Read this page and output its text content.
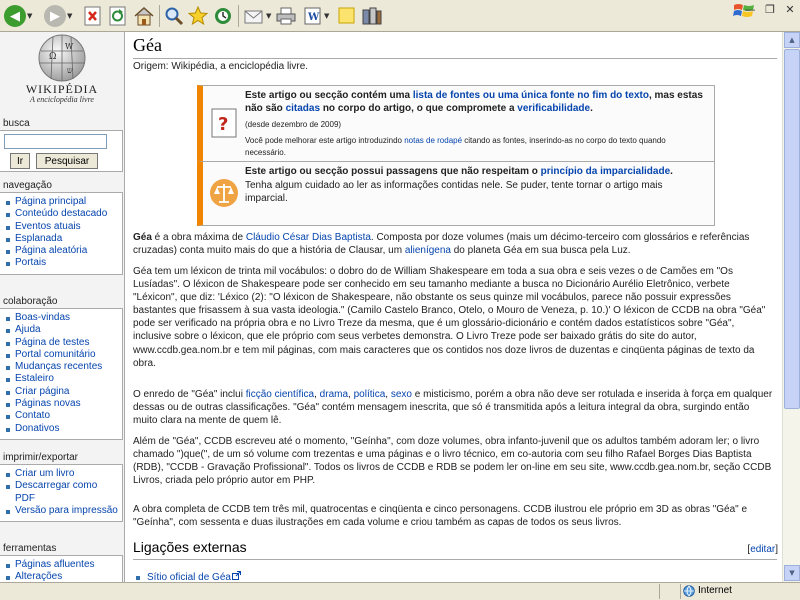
◀	▼	▶	▼	▼	W ▼
— ❐ ✕
Ω
W
ש
WIKIPÉDIA
A enciclopédia livre
busca
Ir	Pesquisar
navegação
Página principal
Conteúdo destacado
Eventos atuais
Esplanada
Página aleatória
Portais
colaboração
Boas-vindas
Ajuda
Página de testes
Portal comunitário
Mudanças recentes
Estaleiro
Criar página
Páginas novas
Contato
Donativos
imprimir/exportar
Criar um livro
Descarregar como PDF
Versão para impressão
ferramentas
Páginas afluentes
Alterações
Géa
Origem: Wikipédia, a enciclopédia livre.
?
Este artigo ou secção contém uma lista de fontes ou uma única fonte no fim do texto, mas estas não são citadas no corpo do artigo, o que compromete a verificabilidade.
(desde dezembro de 2009)
Você pode melhorar este artigo introduzindo notas de rodapé citando as fontes, inserindo-as no corpo do texto quando necessário.
Este artigo ou secção possui passagens que não respeitam o princípio da imparcialidade.
Tenha algum cuidado ao ler as informações contidas nele. Se puder, tente tornar o artigo mais imparcial.

Géa é a obra máxima de Cláudio César Dias Baptista. Composta por doze volumes (mais um décimo-terceiro com glossários e referências cruzadas) conta muito mais do que a história de Clausar, um alienígena do planeta Géa em sua busca pela Luz.

Géa tem um léxicon de trinta mil vocábulos: o dobro do de William Shakespeare em toda a sua obra e seis vezes o de Camões em "Os Lusíadas". O léxicon de Shakespeare pode ser conhecido em seu tamanho mediante a busca no Dicionário Aurélio Eletrônico, verbete "Léxicon", que diz: 'Léxico (2): "O léxicon de Shakespeare, não obstante os seus quinze mil vocábulos, parece não possuir expressões bastantes que frisassem à sua vasta ideologia." (Camilo Castelo Branco, Otelo, o Mouro de Veneza, p. 10.)' O léxicon de CCDB na obra "Géa" pode ser verificado na própria obra e no Livro Treze da mesma, que é um glossário-dicionário e contém dados estatísticos sobre "Géa", inclusive sobre o léxicon, que ele próprio com seus verbetes demonstra. O Livro Treze pode ser baixado grátis do site do autor, www.ccdb.gea.nom.br e tem mil páginas, com mais caracteres que os contidos nos doze livros de duzentas e cinqüenta páginas de texto da obra.

O enredo de "Géa" inclui ficção científica, drama, política, sexo e misticismo, porém a obra não deve ser rotulada e inserida à força em qualquer dessas ou de outras classificações. "Géa" contém mensagem inescrita, que só é transmitida após a leitura integral da obra, surgindo então muito clara na mente de quem lê.

Além de "Géa", CCDB escreveu até o momento, "Geínha", com doze volumes, obra infanto-juvenil que os adultos também adoram ler; o livro chamado ")que(", de um só volume com trezentas e uma páginas e o livro técnico, em co-autoria com seu filho Rafael Borges Dias Baptista (RDB), "CCDB - Gravação Profissional". Todos os livros de CCDB e RDB se podem ler on-line em seu site, www.ccdb.gea.nom.br, seção CCDB Livros, criada pelo próprio autor em PHP.

A obra completa de CCDB tem três mil, quatrocentas e cinqüenta e cinco personagens. CCDB ilustrou ele próprio em 3D as obras "Géa" e "Geínha", com sessenta e duas ilustrações em cada volume e criou também as capas de todos os seus livros.

Ligações externas	[editar]
Sítio oficial de Géa
▲
▼
Internet
